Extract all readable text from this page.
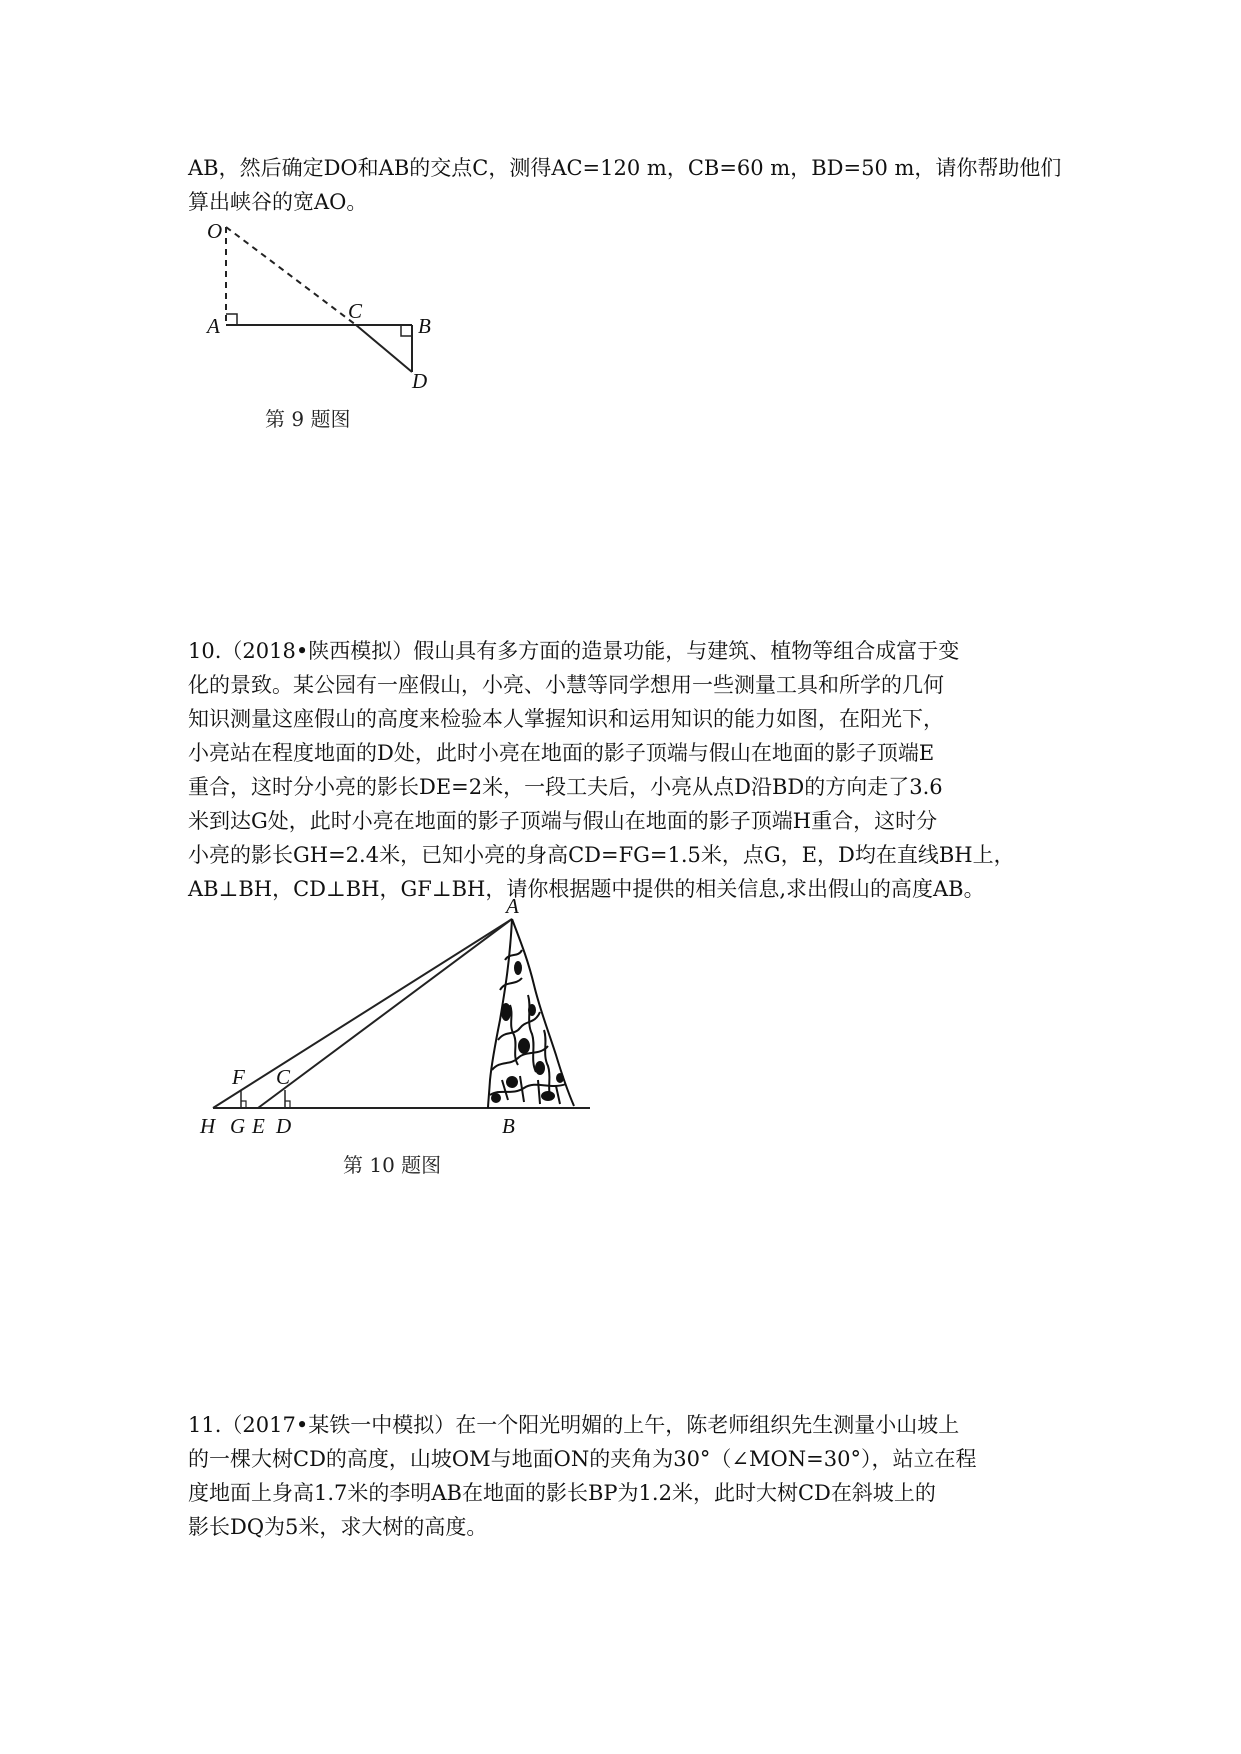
AB，然后确定DO和AB的交点C，测得AC=120 m，CB=60 m，BD=50 m，请你帮助他们
算出峡谷的宽AO。
O
A
C
B
D
A
F C
H G E D	B
第 9 题图
10.（2018•陕西模拟）假山具有多方面的造景功能，与建筑、植物等组合成富于变
化的景致。某公园有一座假山，小亮、小慧等同学想用一些测量工具和所学的几何
知识测量这座假山的高度来检验本人掌握知识和运用知识的能力如图，在阳光下，
小亮站在程度地面的D处，此时小亮在地面的影子顶端与假山在地面的影子顶端E
重合，这时分小亮的影长DE=2米，一段工夫后，小亮从点D沿BD的方向走了3.6
米到达G处，此时小亮在地面的影子顶端与假山在地面的影子顶端H重合，这时分
小亮的影长GH=2.4米，已知小亮的身高CD=FG=1.5米，点G，E，D均在直线BH上，
AB⊥BH，CD⊥BH，GF⊥BH，请你根据题中提供的相关信息,求出假山的高度AB。
第 10 题图
11.（2017•某铁一中模拟）在一个阳光明媚的上午，陈老师组织先生测量小山坡上
的一棵大树CD的高度，山坡OM与地面ON的夹角为30°（∠MON=30°），站立在程
度地面上身高1.7米的李明AB在地面的影长BP为1.2米，此时大树CD在斜坡上的
影长DQ为5米，求大树的高度。
